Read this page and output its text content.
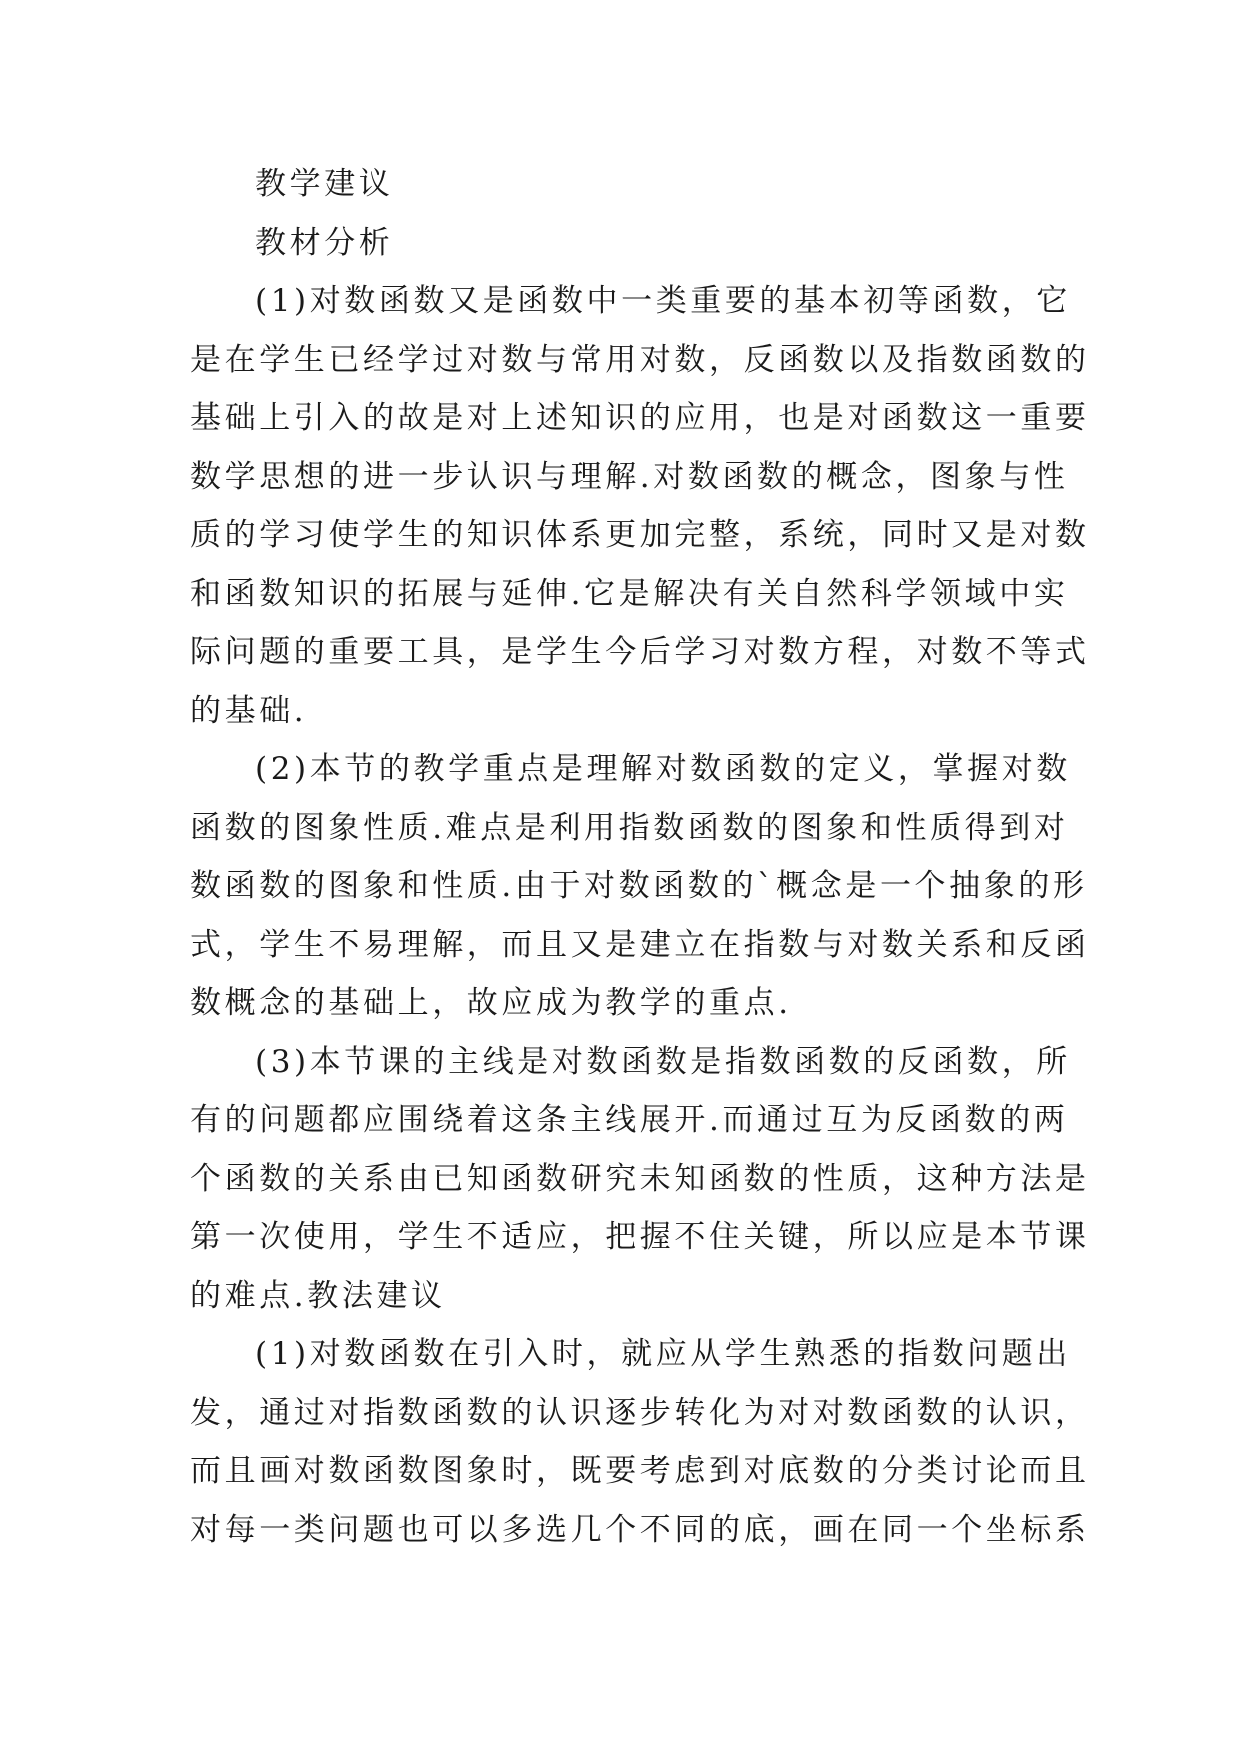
教学建议
教材分析
(1)对数函数又是函数中一类重要的基本初等函数，它
是在学生已经学过对数与常用对数，反函数以及指数函数的
基础上引入的故是对上述知识的应用，也是对函数这一重要
数学思想的进一步认识与理解.对数函数的概念，图象与性
质的学习使学生的知识体系更加完整，系统，同时又是对数
和函数知识的拓展与延伸.它是解决有关自然科学领域中实
际问题的重要工具，是学生今后学习对数方程，对数不等式
的基础.
(2)本节的教学重点是理解对数函数的定义，掌握对数
函数的图象性质.难点是利用指数函数的图象和性质得到对
数函数的图象和性质.由于对数函数的`概念是一个抽象的形
式，学生不易理解，而且又是建立在指数与对数关系和反函
数概念的基础上，故应成为教学的重点.
(3)本节课的主线是对数函数是指数函数的反函数，所
有的问题都应围绕着这条主线展开.而通过互为反函数的两
个函数的关系由已知函数研究未知函数的性质，这种方法是
第一次使用，学生不适应，把握不住关键，所以应是本节课
的难点.教法建议
(1)对数函数在引入时，就应从学生熟悉的指数问题出
发，通过对指数函数的认识逐步转化为对对数函数的认识，
而且画对数函数图象时，既要考虑到对底数的分类讨论而且
对每一类问题也可以多选几个不同的底，画在同一个坐标系
